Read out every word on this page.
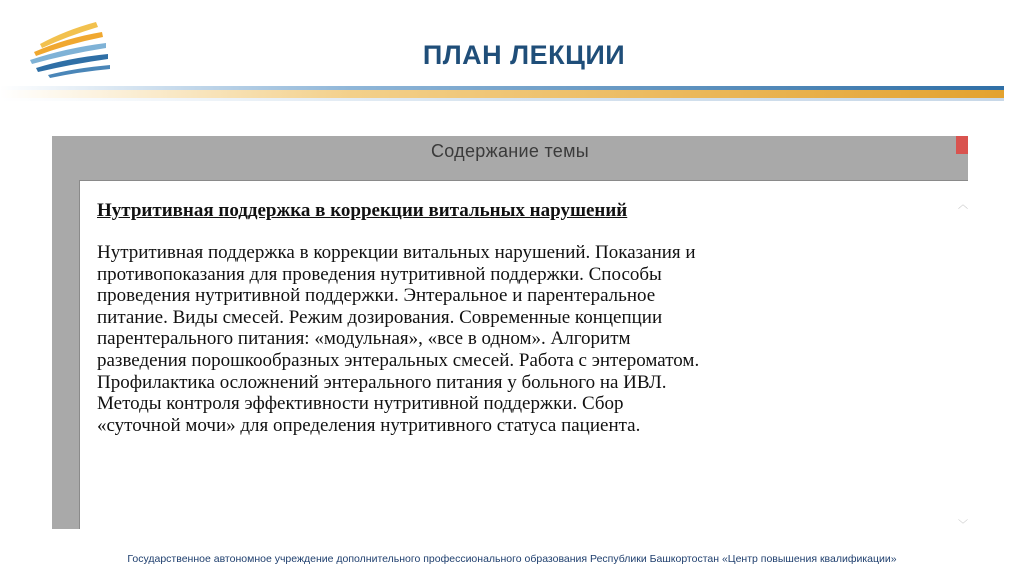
ПЛАН ЛЕКЦИИ
Содержание темы

Нутритивная поддержка в коррекции витальных нарушений

Нутритивная поддержка в коррекции витальных нарушений. Показания и
противопоказания для проведения нутритивной поддержки. Способы
проведения нутритивной поддержки. Энтеральное и парентеральное
питание. Виды смесей. Режим дозирования. Современные концепции
парентерального питания: «модульная», «все в одном». Алгоритм
разведения порошкообразных энтеральных смесей. Работа с энтероматом.
Профилактика осложнений энтерального питания у больного на ИВЛ.
Методы контроля эффективности нутритивной поддержки. Сбор
«суточной мочи» для определения нутритивного статуса пациента.

︿
﹀
Государственное автономное учреждение дополнительного профессионального образования Республики Башкортостан «Центр повышения квалификации»
